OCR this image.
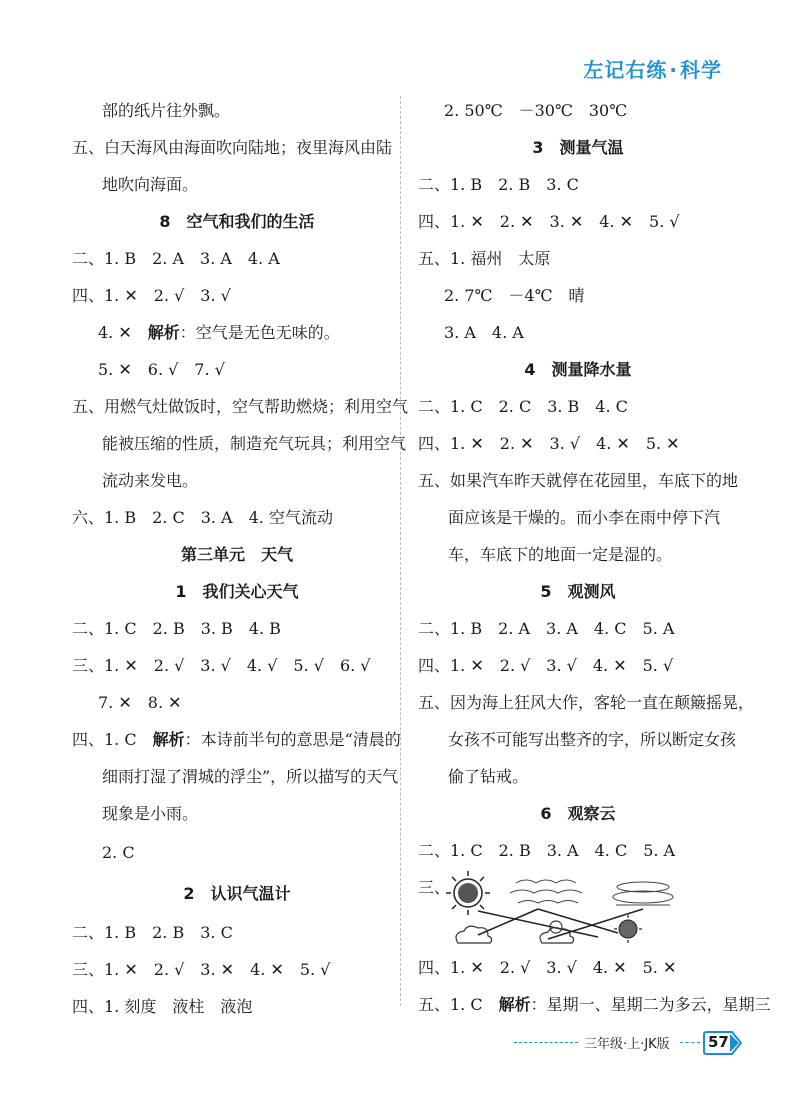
左记右练 · 科学
部的纸片往外飘。
五、白天海风由海面吹向陆地；夜里海风由陆
地吹向海面。
8　空气和我们的生活
二、1. B　2. A　3. A　4. A
四、1. ✕　2. √　3. √
4. ✕　解析：空气是无色无味的。
5. ✕　6. √　7. √
五、用燃气灶做饭时，空气帮助燃烧；利用空气
能被压缩的性质，制造充气玩具；利用空气
流动来发电。
六、1. B　2. C　3. A　4. 空气流动
第三单元　天气
1　我们关心天气
二、1. C　2. B　3. B　4. B
三、1. ✕　2. √　3. √　4. √　5. √　6. √
7. ✕　8. ✕
四、1. C　解析：本诗前半句的意思是“清晨的
细雨打湿了渭城的浮尘”，所以描写的天气
现象是小雨。
2. C
2　认识气温计
二、1. B　2. B　3. C
三、1. ✕　2. √　3. ✕　4. ✕　5. √
四、1. 刻度　液柱　液泡
2. 50℃　－30℃　30℃
3　测量气温
二、1. B　2. B　3. C
四、1. ✕　2. ✕　3. ✕　4. ✕　5. √
五、1. 福州　太原
2. 7℃　－4℃　晴
3. A　4. A
4　测量降水量
二、1. C　2. C　3. B　4. C
四、1. ✕　2. ✕　3. √　4. ✕　5. ✕
五、如果汽车昨天就停在花园里，车底下的地
面应该是干燥的。而小李在雨中停下汽
车，车底下的地面一定是湿的。
5　观测风
二、1. B　2. A　3. A　4. C　5. A
四、1. ✕　2. √　3. √　4. ✕　5. √
五、因为海上狂风大作，客轮一直在颠簸摇晃，
女孩不可能写出整齐的字，所以断定女孩
偷了钻戒。
6　观察云
二、1. C　2. B　3. A　4. C　5. A
三、
四、1. ✕　2. √　3. √　4. ✕　5. ✕
五、1. C　解析：星期一、星期二为多云，星期三
三年级·上·JK版	57
